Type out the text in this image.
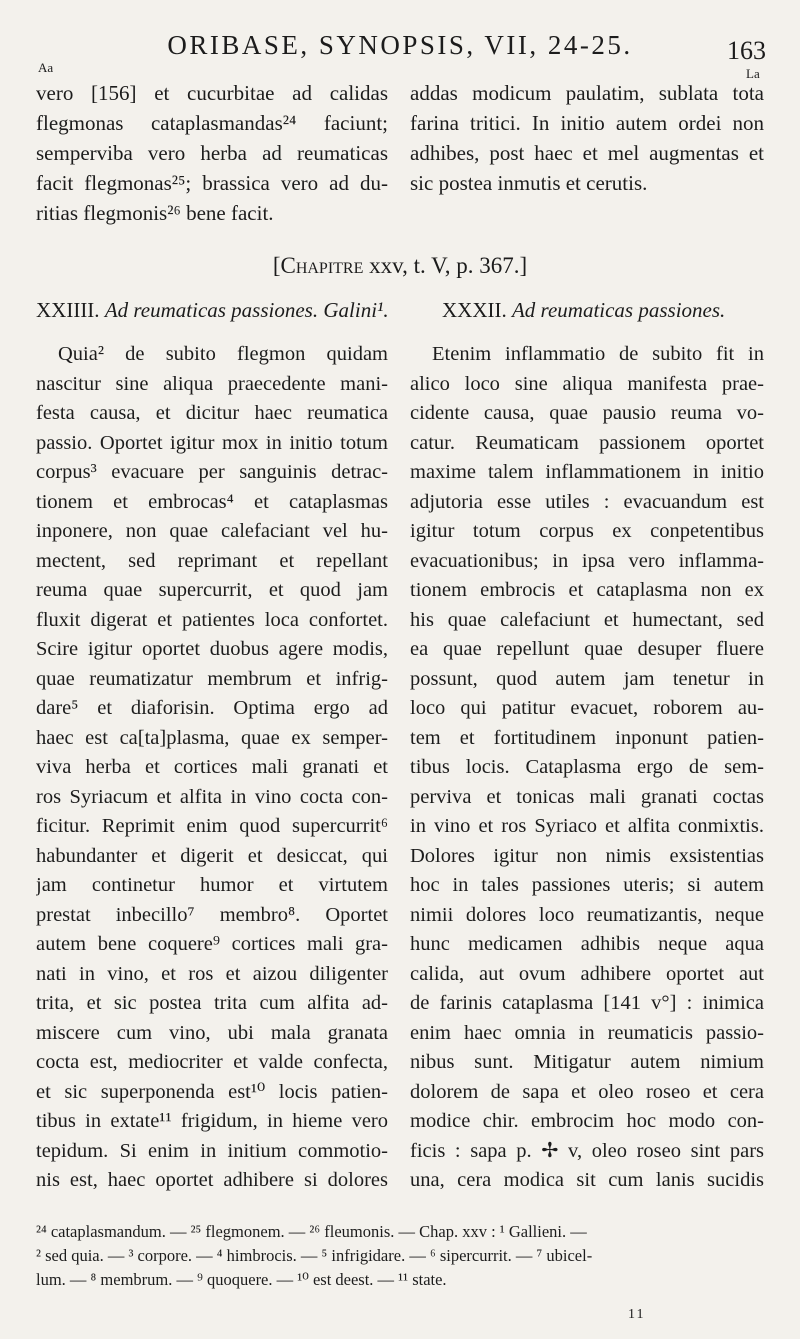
ORIBASE, SYNOPSIS, VII, 24-25.	163
Aa	La
vero [156] et cucurbitae ad calidas
flegmonas cataplasmandas²⁴ faciunt;
semperviba vero herba ad reumaticas
facit flegmonas²⁵; brassica vero ad du-
ritias flegmonis²⁶ bene facit.
addas modicum paulatim, sublata tota
farina tritici. In initio autem ordei non
adhibes, post haec et mel augmentas et
sic postea inmutis et cerutis.
[Chapitre xxv, t. V, p. 367.]
XXIIII. Ad reumaticas passiones. Galini¹.	XXXII. Ad reumaticas passiones.
Quia² de subito flegmon quidam
nascitur sine aliqua praecedente mani-
festa causa, et dicitur haec reumatica
passio. Oportet igitur mox in initio totum
corpus³ evacuare per sanguinis detrac-
tionem et embrocas⁴ et cataplasmas
inponere, non quae calefaciant vel hu-
mectent, sed reprimant et repellant
reuma quae supercurrit, et quod jam
fluxit digerat et patientes loca confortet.
Scire igitur oportet duobus agere modis,
quae reumatizatur membrum et infrig-
dare⁵ et diaforisin. Optima ergo ad
haec est ca[ta]plasma, quae ex semper-
viva herba et cortices mali granati et
ros Syriacum et alfita in vino cocta con-
ficitur. Reprimit enim quod supercurrit⁶
habundanter et digerit et desiccat, qui
jam continetur humor et virtutem
prestat inbecillo⁷ membro⁸. Oportet
autem bene coquere⁹ cortices mali gra-
nati in vino, et ros et aizou diligenter
trita, et sic postea trita cum alfita ad-
miscere cum vino, ubi mala granata
cocta est, mediocriter et valde confecta,
et sic superponenda est¹⁰ locis patien-
tibus in extate¹¹ frigidum, in hieme vero
tepidum. Si enim in initium commotio-
nis est, haec oportet adhibere si dolores
Etenim inflammatio de subito fit in
alico loco sine aliqua manifesta prae-
cidente causa, quae pausio reuma vo-
catur. Reumaticam passionem oportet
maxime talem inflammationem in initio
adjutoria esse utiles : evacuandum est
igitur totum corpus ex conpetentibus
evacuationibus; in ipsa vero inflamma-
tionem embrocis et cataplasma non ex
his quae calefaciunt et humectant, sed
ea quae repellunt quae desuper fluere
possunt, quod autem jam tenetur in
loco qui patitur evacuet, roborem au-
tem et fortitudinem inponunt patien-
tibus locis. Cataplasma ergo de sem-
perviva et tonicas mali granati coctas
in vino et ros Syriaco et alfita conmixtis.
Dolores igitur non nimis exsistentias
hoc in tales passiones uteris; si autem
nimii dolores loco reumatizantis, neque
hunc medicamen adhibis neque aqua
calida, aut ovum adhibere oportet aut
de farinis cataplasma [141 v°] : inimica
enim haec omnia in reumaticis passio-
nibus sunt. Mitigatur autem nimium
dolorem de sapa et oleo roseo et cera
modice chir. embrocim hoc modo con-
ficis : sapa p. ✢ v, oleo roseo sint pars
una, cera modica sit cum lanis sucidis
²⁴ cataplasmandum. — ²⁵ flegmonem. — ²⁶ fleumonis. — Chap. xxv : ¹ Gallieni. —
² sed quia. — ³ corpore. — ⁴ himbrocis. — ⁵ infrigidare. — ⁶ sipercurrit. — ⁷ ubicel-
lum. — ⁸ membrum. — ⁹ quoquere. — ¹⁰ est deest. — ¹¹ state.
11
